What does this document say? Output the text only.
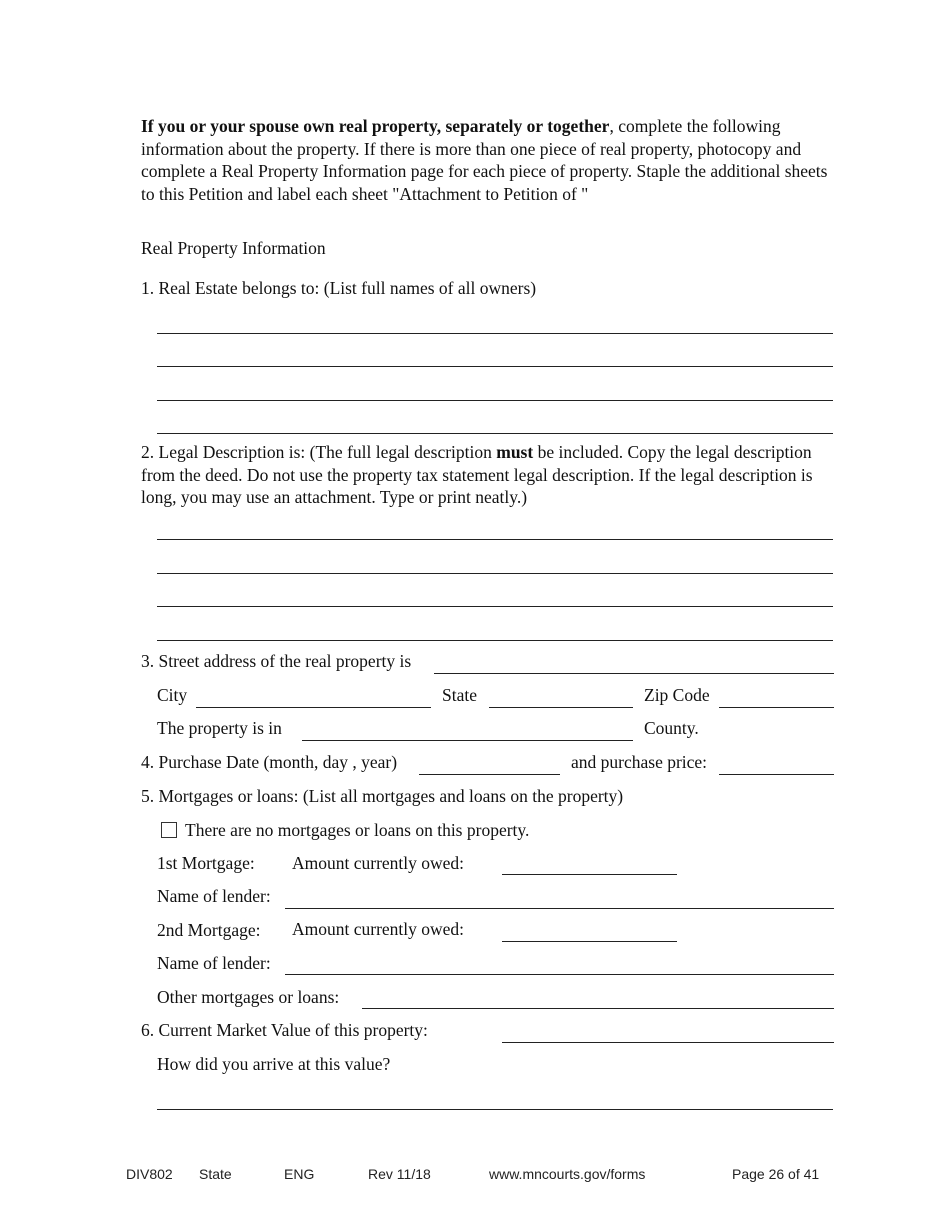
If you or your spouse own real property, separately or together, complete the following information about the property. If there is more than one piece of real property, photocopy and complete a Real Property Information page for each piece of property. Staple the additional sheets to this Petition and label each sheet "Attachment to Petition of "
Real Property Information
1. Real Estate belongs to: (List full names of all owners)
2. Legal Description is: (The full legal description must be included. Copy the legal description from the deed. Do not use the property tax statement legal description. If the legal description is long, you may use an attachment. Type or print neatly.)
3. Street address of the real property is
City	State	Zip Code
The property is in	County.
4. Purchase Date (month, day , year)	and purchase price:
5. Mortgages or loans: (List all mortgages and loans on the property)
There are no mortgages or loans on this property.
1st Mortgage: Amount currently owed:
Name of lender:
2nd Mortgage: Amount currently owed:
Name of lender:
Other mortgages or loans:
6. Current Market Value of this property:
How did you arrive at this value?
DIV802 State	ENG	Rev 11/18	www.mncourts.gov/forms	Page 26 of 41
